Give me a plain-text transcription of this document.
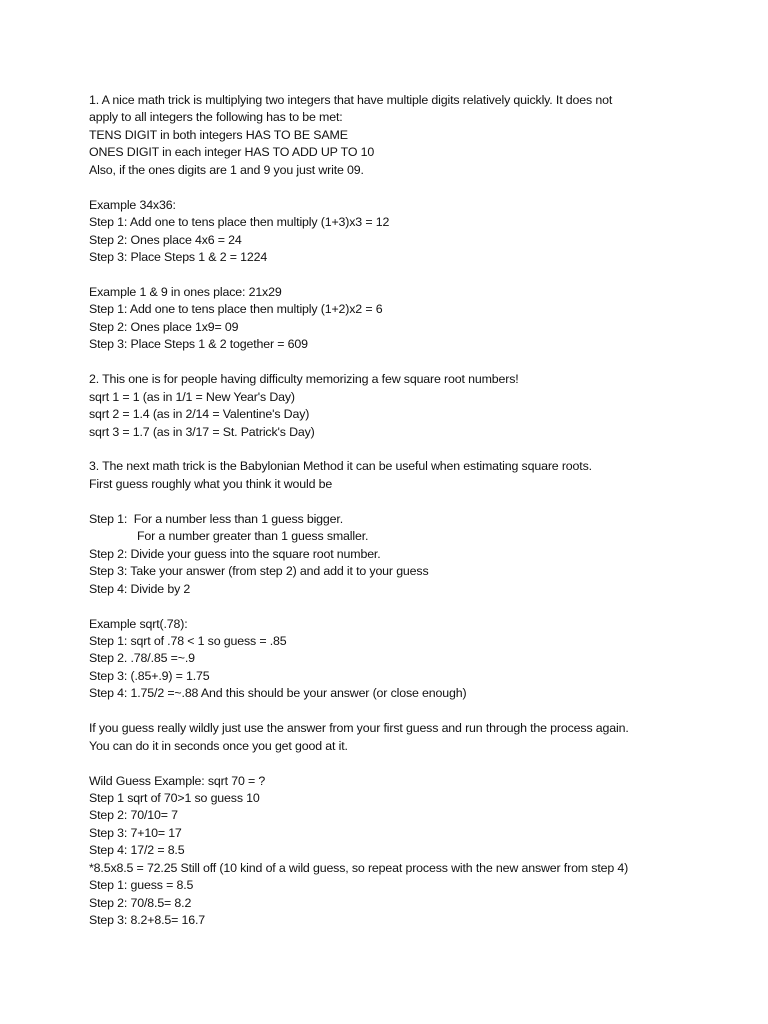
1. A nice math trick is multiplying two integers that have multiple digits relatively quickly. It does not
apply to all integers the following has to be met:
TENS DIGIT in both integers HAS TO BE SAME
ONES DIGIT in each integer HAS TO ADD UP TO 10
Also, if the ones digits are 1 and 9 you just write 09.
Example 34x36:
Step 1: Add one to tens place then multiply (1+3)x3 = 12
Step 2: Ones place 4x6 = 24
Step 3: Place Steps 1 & 2 = 1224
Example 1 & 9 in ones place: 21x29
Step 1: Add one to tens place then multiply (1+2)x2 = 6
Step 2: Ones place 1x9= 09
Step 3: Place Steps 1 & 2 together = 609
2. This one is for people having difficulty memorizing a few square root numbers!
sqrt 1 = 1 (as in 1/1 = New Year's Day)
sqrt 2 = 1.4 (as in 2/14 = Valentine's Day)
sqrt 3 = 1.7 (as in 3/17 = St. Patrick's Day)
3. The next math trick is the Babylonian Method it can be useful when estimating square roots.
First guess roughly what you think it would be
Step 1:  For a number less than 1 guess bigger.
For a number greater than 1 guess smaller.
Step 2: Divide your guess into the square root number.
Step 3: Take your answer (from step 2) and add it to your guess
Step 4: Divide by 2
Example sqrt(.78):
Step 1: sqrt of .78 < 1 so guess = .85
Step 2. .78/.85 =~.9
Step 3: (.85+.9) = 1.75
Step 4: 1.75/2 =~.88 And this should be your answer (or close enough)
If you guess really wildly just use the answer from your first guess and run through the process again.
You can do it in seconds once you get good at it.
Wild Guess Example: sqrt 70 = ?
Step 1 sqrt of 70>1 so guess 10
Step 2: 70/10= 7
Step 3: 7+10= 17
Step 4: 17/2 = 8.5
*8.5x8.5 = 72.25 Still off (10 kind of a wild guess, so repeat process with the new answer from step 4)
Step 1: guess = 8.5
Step 2: 70/8.5= 8.2
Step 3: 8.2+8.5= 16.7
